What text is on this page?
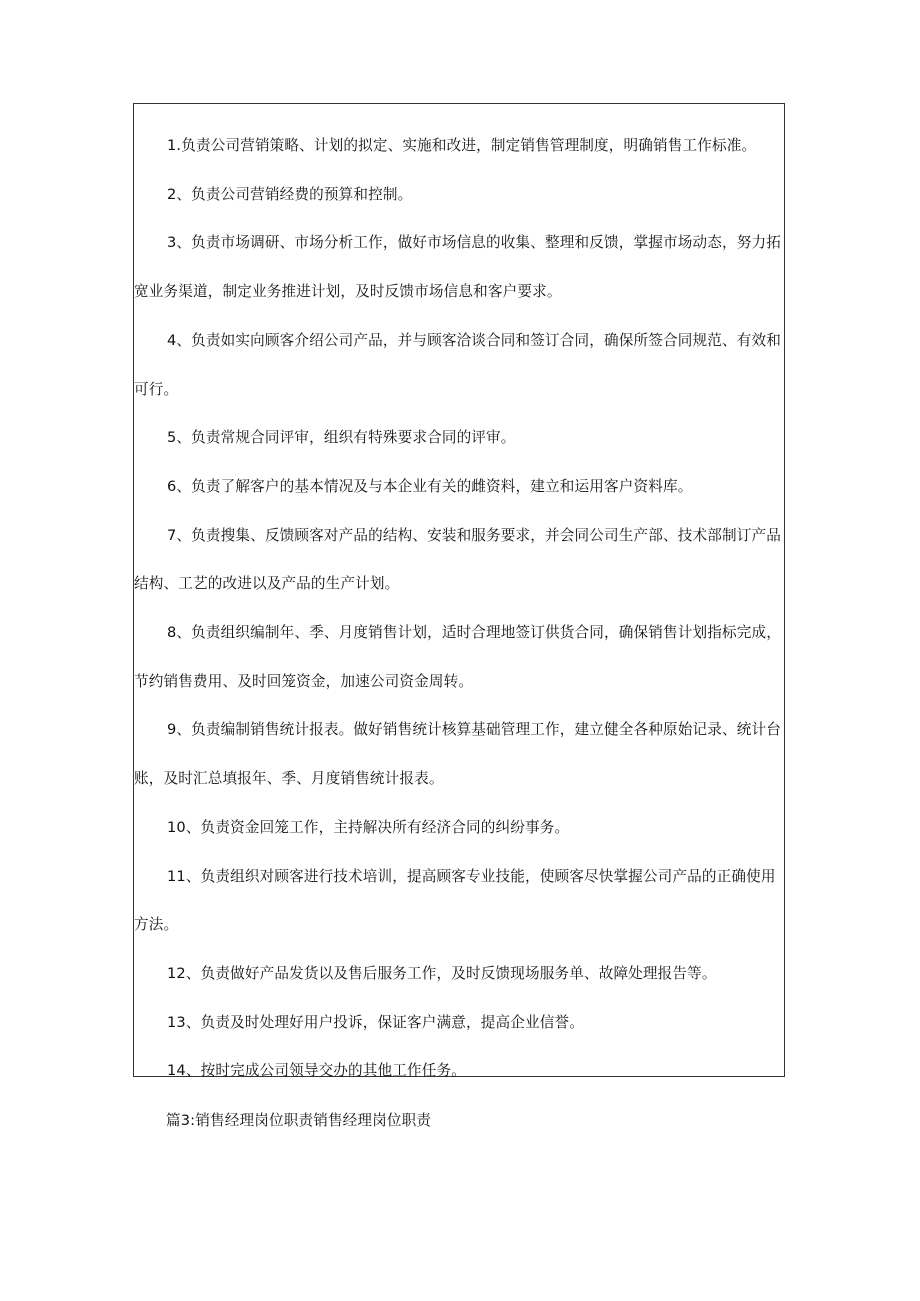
1.负责公司营销策略、计划的拟定、实施和改进，制定销售管理制度，明确销售工作标准。

2、负责公司营销经费的预算和控制。

3、负责市场调研、市场分析工作，做好市场信息的收集、整理和反馈，掌握市场动态，努力拓宽业务渠道，制定业务推进计划，及时反馈市场信息和客户要求。

4、负责如实向顾客介绍公司产品，并与顾客洽谈合同和签订合同，确保所签合同规范、有效和可行。

5、负责常规合同评审，组织有特殊要求合同的评审。

6、负责了解客户的基本情况及与本企业有关的雌资料，建立和运用客户资料库。

7、负责搜集、反馈顾客对产品的结构、安装和服务要求，并会同公司生产部、技术部制订产品结构、工艺的改进以及产品的生产计划。

8、负责组织编制年、季、月度销售计划，适时合理地签订供货合同，确保销售计划指标完成，节约销售费用、及时回笼资金，加速公司资金周转。

9、负责编制销售统计报表。做好销售统计核算基础管理工作，建立健全各种原始记录、统计台账，及时汇总填报年、季、月度销售统计报表。

10、负责资金回笼工作，主持解决所有经济合同的纠纷事务。

11、负责组织对顾客进行技术培训，提高顾客专业技能，使顾客尽快掌握公司产品的正确使用方法。

12、负责做好产品发货以及售后服务工作，及时反馈现场服务单、故障处理报告等。

13、负责及时处理好用户投诉，保证客户满意，提高企业信誉。

14、按时完成公司领导交办的其他工作任务。

篇3:销售经理岗位职责销售经理岗位职责
